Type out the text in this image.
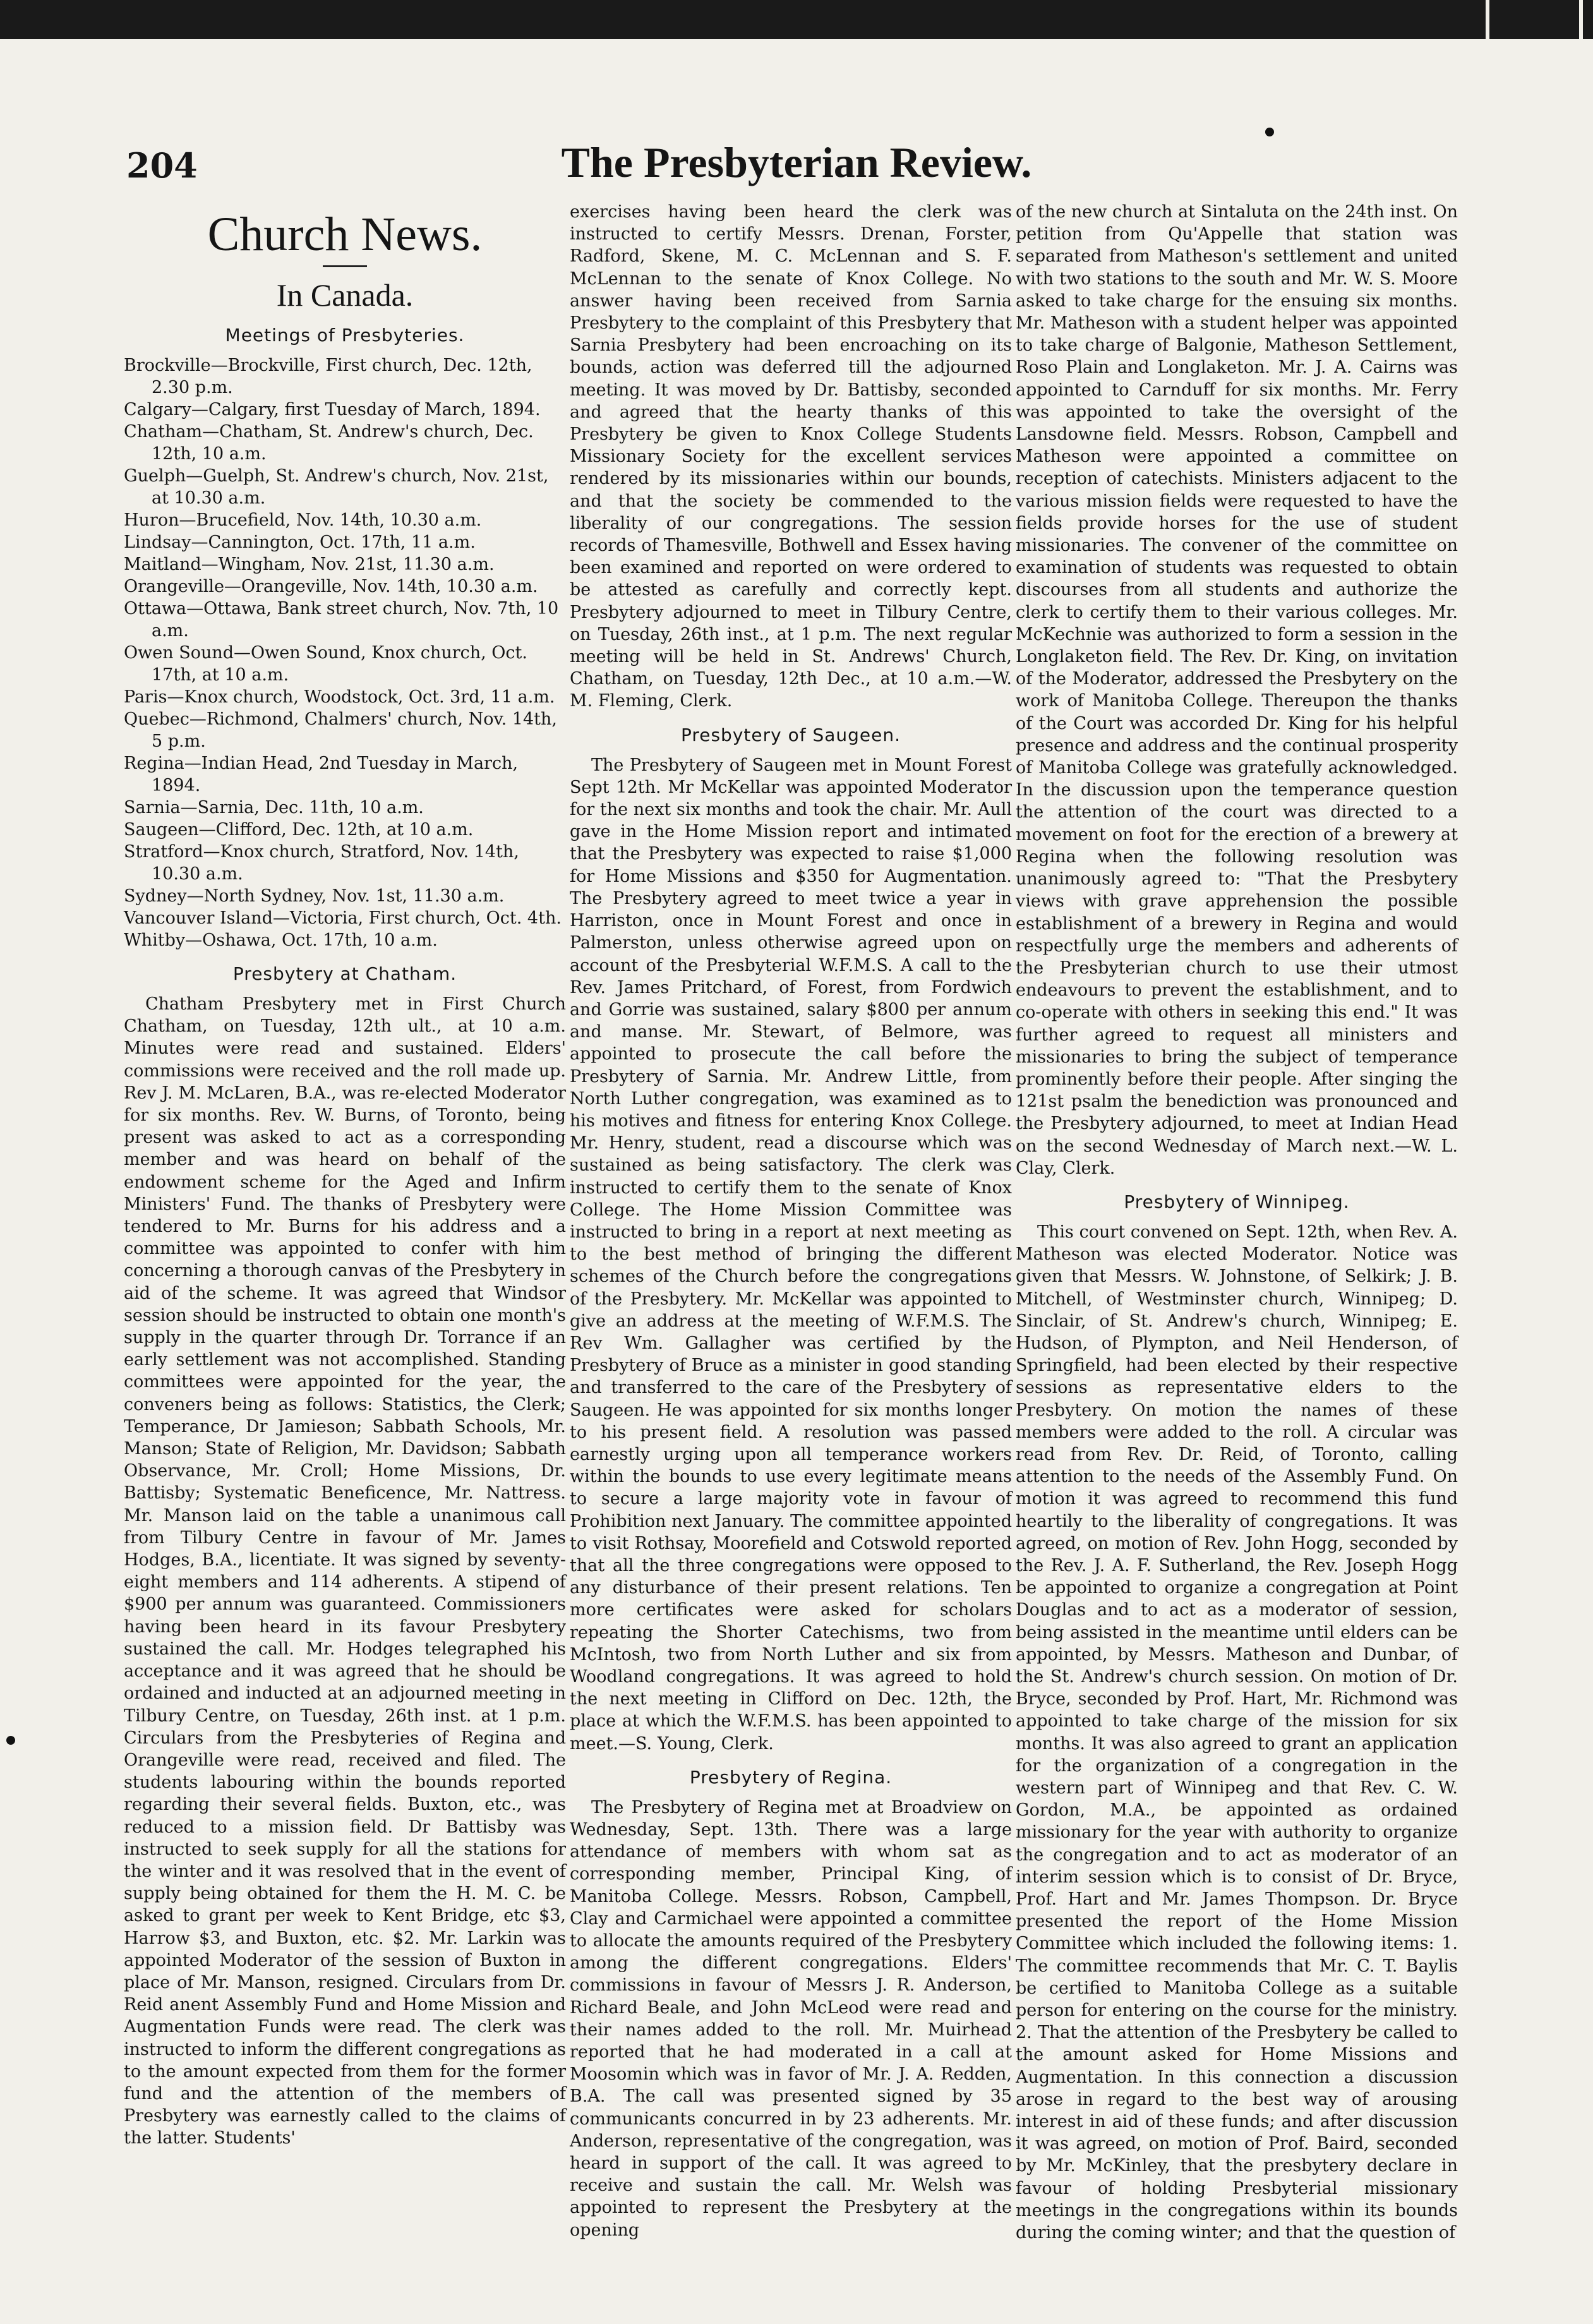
204	The Presbyterian Review.
Church News.
In Canada.
Meetings of Presbyteries.
Brockville—Brockville, First church, Dec. 12th, 2.30 p.m.
Calgary—Calgary, first Tuesday of March, 1894.
Chatham—Chatham, St. Andrew's church, Dec. 12th, 10 a.m.
Guelph—Guelph, St. Andrew's church, Nov. 21st, at 10.30 a.m.
Huron—Brucefield, Nov. 14th, 10.30 a.m.
Lindsay—Cannington, Oct. 17th, 11 a.m.
Maitland—Wingham, Nov. 21st, 11.30 a.m.
Orangeville—Orangeville, Nov. 14th, 10.30 a.m.
Ottawa—Ottawa, Bank street church, Nov. 7th, 10 a.m.
Owen Sound—Owen Sound, Knox church, Oct. 17th, at 10 a.m.
Paris—Knox church, Woodstock, Oct. 3rd, 11 a.m.
Quebec—Richmond, Chalmers' church, Nov. 14th, 5 p.m.
Regina—Indian Head, 2nd Tuesday in March, 1894.
Sarnia—Sarnia, Dec. 11th, 10 a.m.
Saugeen—Clifford, Dec. 12th, at 10 a.m.
Stratford—Knox church, Stratford, Nov. 14th, 10.30 a.m.
Sydney—North Sydney, Nov. 1st, 11.30 a.m.
Vancouver Island—Victoria, First church, Oct. 4th.
Whitby—Oshawa, Oct. 17th, 10 a.m.
Presbytery at Chatham.

Chatham Presbytery met in First Church Chatham, on Tuesday, 12th ult., at 10 a.m. Minutes were read and sustained. Elders' commissions were received and the roll made up. Rev J. M. McLaren, B.A., was re-elected Moderator for six months. Rev. W. Burns, of Toronto, being present was asked to act as a corresponding member and was heard on behalf of the endowment scheme for the Aged and Infirm Ministers' Fund. The thanks of Presbytery were tendered to Mr. Burns for his address and a committee was appointed to confer with him concerning a thorough canvas of the Presbytery in aid of the scheme. It was agreed that Windsor session should be instructed to obtain one month's supply in the quarter through Dr. Torrance if an early settlement was not accomplished. Standing committees were appointed for the year, the conveners being as follows: Statistics, the Clerk; Temperance, Dr Jamieson; Sabbath Schools, Mr. Manson; State of Religion, Mr. Davidson; Sabbath Observance, Mr. Croll; Home Missions, Dr. Battisby; Systematic Beneficence, Mr. Nattress. Mr. Manson laid on the table a unanimous call from Tilbury Centre in favour of Mr. James Hodges, B.A., licentiate. It was signed by seventy-eight members and 114 adherents. A stipend of $900 per annum was guaranteed. Commissioners having been heard in its favour Presbytery sustained the call. Mr. Hodges telegraphed his acceptance and it was agreed that he should be ordained and inducted at an adjourned meeting in Tilbury Centre, on Tuesday, 26th inst. at 1 p.m. Circulars from the Presbyteries of Regina and Orangeville were read, received and filed. The students labouring within the bounds reported regarding their several fields. Buxton, etc., was reduced to a mission field. Dr Battisby was instructed to seek supply for all the stations for the winter and it was resolved that in the event of supply being obtained for them the H. M. C. be asked to grant per week to Kent Bridge, etc $3, Harrow $3, and Buxton, etc. $2. Mr. Larkin was appointed Moderator of the session of Buxton in place of Mr. Manson, resigned. Circulars from Dr. Reid anent Assembly Fund and Home Mission and Augmentation Funds were read. The clerk was instructed to inform the different congregations as to the amount expected from them for the former fund and the attention of the members of Presbytery was earnestly called to the claims of the latter. Students'

exercises having been heard the clerk was instructed to certify Messrs. Drenan, Forster, Radford, Skene, M. C. McLennan and S. F. McLennan to the senate of Knox College. No answer having been received from Sarnia Presbytery to the complaint of this Presbytery that Sarnia Presbytery had been encroaching on its bounds, action was deferred till the adjourned meeting. It was moved by Dr. Battisby, seconded and agreed that the hearty thanks of this Presbytery be given to Knox College Students Missionary Society for the excellent services rendered by its missionaries within our bounds, and that the society be commended to the liberality of our congregations. The session records of Thamesville, Bothwell and Essex having been examined and reported on were ordered to be attested as carefully and correctly kept. Presbytery adjourned to meet in Tilbury Centre, on Tuesday, 26th inst., at 1 p.m. The next regular meeting will be held in St. Andrews' Church, Chatham, on Tuesday, 12th Dec., at 10 a.m.—W. M. Fleming, Clerk.

Presbytery of Saugeen.

The Presbytery of Saugeen met in Mount Forest Sept 12th. Mr McKellar was appointed Moderator for the next six months and took the chair. Mr. Aull gave in the Home Mission report and intimated that the Presbytery was expected to raise $1,000 for Home Missions and $350 for Augmentation. The Presbytery agreed to meet twice a year in Harriston, once in Mount Forest and once in Palmerston, unless otherwise agreed upon on account of the Presbyterial W.F.M.S. A call to the Rev. James Pritchard, of Forest, from Fordwich and Gorrie was sustained, salary $800 per annum and manse. Mr. Stewart, of Belmore, was appointed to prosecute the call before the Presbytery of Sarnia. Mr. Andrew Little, from North Luther congregation, was examined as to his motives and fitness for entering Knox College. Mr. Henry, student, read a discourse which was sustained as being satisfactory. The clerk was instructed to certify them to the senate of Knox College. The Home Mission Committee was instructed to bring in a report at next meeting as to the best method of bringing the different schemes of the Church before the congregations of the Presbytery. Mr. McKellar was appointed to give an address at the meeting of W.F.M.S. The Rev Wm. Gallagher was certified by the Presbytery of Bruce as a minister in good standing and transferred to the care of the Presbytery of Saugeen. He was appointed for six months longer to his present field. A resolution was passed earnestly urging upon all temperance workers within the bounds to use every legitimate means to secure a large majority vote in favour of Prohibition next January. The committee appointed to visit Rothsay, Moorefield and Cotswold reported that all the three congregations were opposed to any disturbance of their present relations. Ten more certificates were asked for scholars repeating the Shorter Catechisms, two from McIntosh, two from North Luther and six from Woodland congregations. It was agreed to hold the next meeting in Clifford on Dec. 12th, the place at which the W.F.M.S. has been appointed to meet.—S. Young, Clerk.

Presbytery of Regina.

The Presbytery of Regina met at Broadview on Wednesday, Sept. 13th. There was a large attendance of members with whom sat as corresponding member, Principal King, of Manitoba College. Messrs. Robson, Campbell, Clay and Carmichael were appointed a committee to allocate the amounts required of the Presbytery among the different congregations. Elders' commissions in favour of Messrs J. R. Anderson, Richard Beale, and John McLeod were read and their names added to the roll. Mr. Muirhead reported that he had moderated in a call at Moosomin which was in favor of Mr. J. A. Redden, B.A. The call was presented signed by 35 communicants concurred in by 23 adherents. Mr. Anderson, representative of the congregation, was heard in support of the call. It was agreed to receive and sustain the call. Mr. Welsh was appointed to represent the Presbytery at the opening

of the new church at Sintaluta on the 24th inst. On petition from Qu'Appelle that station was separated from Matheson's settlement and united with two stations to the south and Mr. W. S. Moore asked to take charge for the ensuing six months. Mr. Matheson with a student helper was appointed to take charge of Balgonie, Matheson Settlement, Roso Plain and Longlaketon. Mr. J. A. Cairns was appointed to Carnduff for six months. Mr. Ferry was appointed to take the oversight of the Lansdowne field. Messrs. Robson, Campbell and Matheson were appointed a committee on reception of catechists. Ministers adjacent to the various mission fields were requested to have the fields provide horses for the use of student missionaries. The convener of the committee on examination of students was requested to obtain discourses from all students and authorize the clerk to certify them to their various colleges. Mr. McKechnie was authorized to form a session in the Longlaketon field. The Rev. Dr. King, on invitation of the Moderator, addressed the Presbytery on the work of Manitoba College. Thereupon the thanks of the Court was accorded Dr. King for his helpful presence and address and the continual prosperity of Manitoba College was gratefully acknowledged. In the discussion upon the temperance question the attention of the court was directed to a movement on foot for the erection of a brewery at Regina when the following resolution was unanimously agreed to: "That the Presbytery views with grave apprehension the possible establishment of a brewery in Regina and would respectfully urge the members and adherents of the Presbyterian church to use their utmost endeavours to prevent the establishment, and to co-operate with others in seeking this end." It was further agreed to request all ministers and missionaries to bring the subject of temperance prominently before their people. After singing the 121st psalm the benediction was pronounced and the Presbytery adjourned, to meet at Indian Head on the second Wednesday of March next.—W. L. Clay, Clerk.

Presbytery of Winnipeg.

This court convened on Sept. 12th, when Rev. A. Matheson was elected Moderator. Notice was given that Messrs. W. Johnstone, of Selkirk; J. B. Mitchell, of Westminster church, Winnipeg; D. Sinclair, of St. Andrew's church, Winnipeg; E. Hudson, of Plympton, and Neil Henderson, of Springfield, had been elected by their respective sessions as representative elders to the Presbytery. On motion the names of these members were added to the roll. A circular was read from Rev. Dr. Reid, of Toronto, calling attention to the needs of the Assembly Fund. On motion it was agreed to recommend this fund heartily to the liberality of congregations. It was agreed, on motion of Rev. John Hogg, seconded by the Rev. J. A. F. Sutherland, the Rev. Joseph Hogg be appointed to organize a congregation at Point Douglas and to act as a moderator of session, being assisted in the meantime until elders can be appointed, by Messrs. Matheson and Dunbar, of the St. Andrew's church session. On motion of Dr. Bryce, seconded by Prof. Hart, Mr. Richmond was appointed to take charge of the mission for six months. It was also agreed to grant an application for the organization of a congregation in the western part of Winnipeg and that Rev. C. W. Gordon, M.A., be appointed as ordained missionary for the year with authority to organize the congregation and to act as moderator of an interim session which is to consist of Dr. Bryce, Prof. Hart and Mr. James Thompson. Dr. Bryce presented the report of the Home Mission Committee which included the following items: 1. The committee recommends that Mr. C. T. Baylis be certified to Manitoba College as a suitable person for entering on the course for the ministry. 2. That the attention of the Presbytery be called to the amount asked for Home Missions and Augmentation. In this connection a discussion arose in regard to the best way of arousing interest in aid of these funds; and after discussion it was agreed, on motion of Prof. Baird, seconded by Mr. McKinley, that the presbytery declare in favour of holding Presbyterial missionary meetings in the congregations within its bounds during the coming winter; and that the question of
